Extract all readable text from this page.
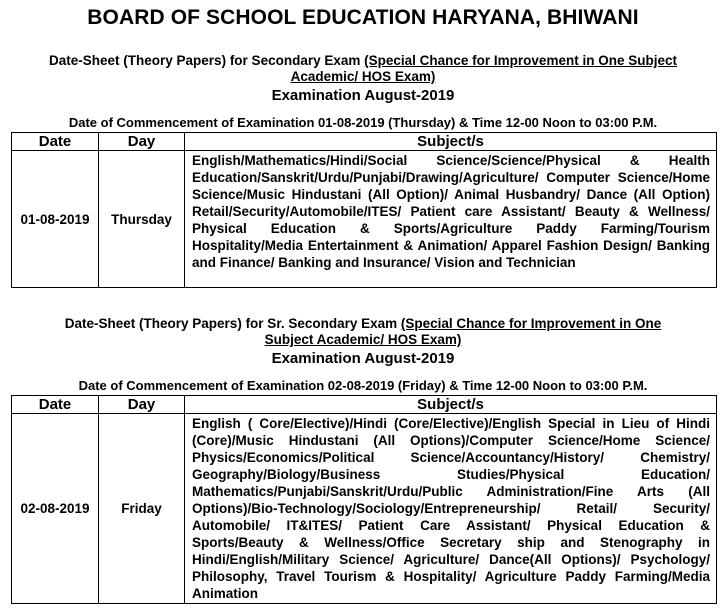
BOARD OF SCHOOL EDUCATION HARYANA, BHIWANI
Date-Sheet (Theory Papers) for Secondary Exam (Special Chance for Improvement in One Subject
Academic/ HOS Exam)
Examination August-2019
Date of Commencement of Examination 01-08-2019 (Thursday) & Time 12-00 Noon to 03:00 P.M.
Date	Day	Subject/s
01-08-2019	Thursday	English/Mathematics/Hindi/Social Science/Science/Physical & Health Education/Sanskrit/Urdu/Punjabi/Drawing/Agriculture/ Computer Science/Home Science/Music Hindustani (All Option)/ Animal Husbandry/ Dance (All Option) Retail/Security/Automobile/ITES/ Patient care Assistant/ Beauty & Wellness/ Physical Education & Sports/Agriculture Paddy Farming/Tourism Hospitality/Media Entertainment & Animation/ Apparel Fashion Design/ Banking and Finance/ Banking and Insurance/ Vision and Technician
Date-Sheet (Theory Papers) for Sr. Secondary Exam (Special Chance for Improvement in One
Subject Academic/ HOS Exam)
Examination August-2019
Date of Commencement of Examination 02-08-2019 (Friday) & Time 12-00 Noon to 03:00 P.M.
Date	Day	Subject/s
02-08-2019	Friday	English ( Core/Elective)/Hindi (Core/Elective)/English Special in Lieu of Hindi (Core)/Music Hindustani (All Options)/Computer Science/Home Science/ Physics/Economics/Political Science/Accountancy/History/ Chemistry/ Geography/Biology/Business Studies/Physical Education/ Mathematics/Punjabi/Sanskrit/Urdu/Public Administration/Fine Arts (All Options)/Bio-Technology/Sociology/Entrepreneurship/ Retail/ Security/ Automobile/ IT&ITES/ Patient Care Assistant/ Physical Education & Sports/Beauty & Wellness/Office Secretary ship and Stenography in Hindi/English/Military Science/ Agriculture/ Dance(All Options)/ Psychology/ Philosophy, Travel Tourism & Hospitality/ Agriculture Paddy Farming/Media Animation
